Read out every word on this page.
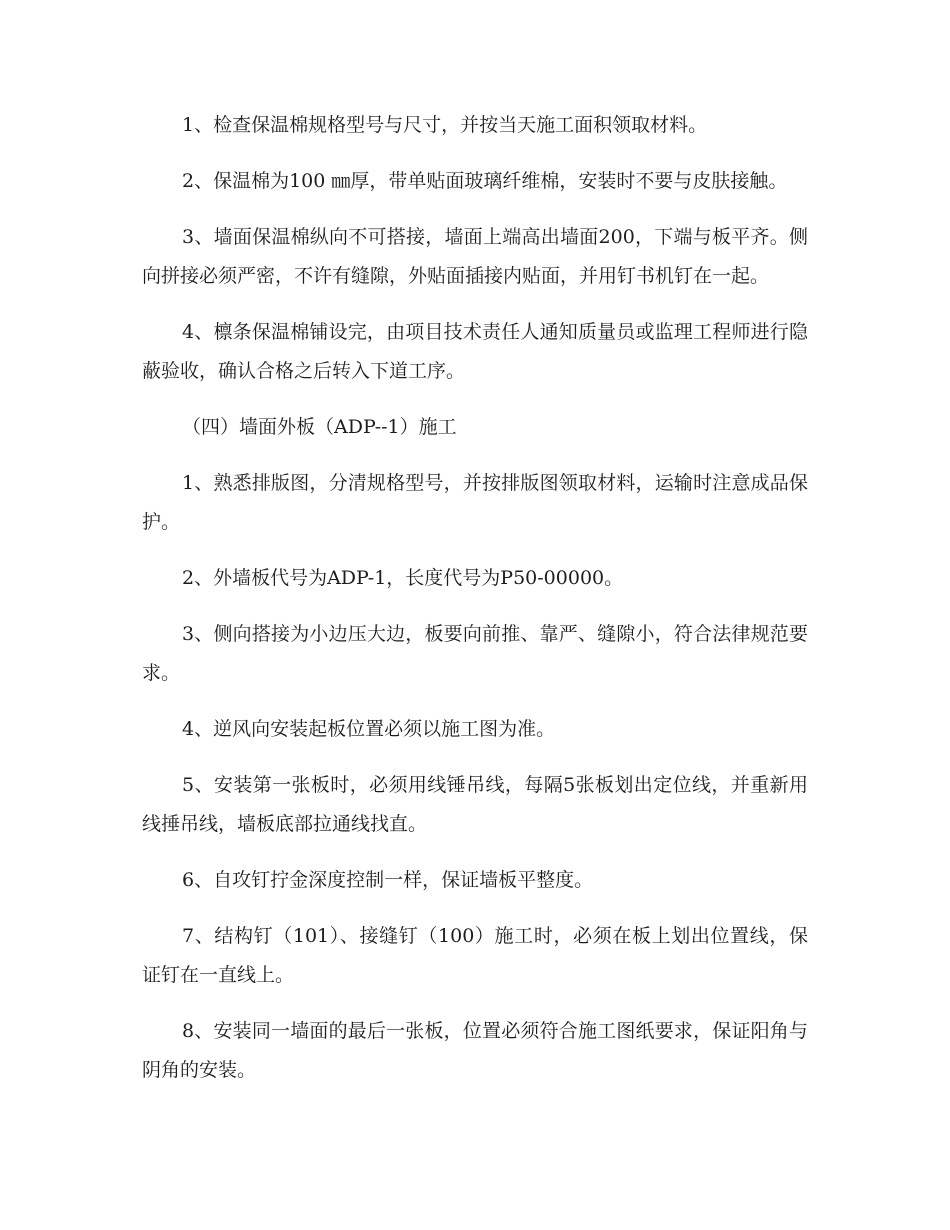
1、检查保温棉规格型号与尺寸，并按当天施工面积领取材料。

2、保温棉为100 ㎜厚，带单贴面玻璃纤维棉，安装时不要与皮肤接触。

3、墙面保温棉纵向不可搭接，墙面上端高出墙面200，下端与板平齐。侧向拼接必须严密，不许有缝隙，外贴面插接内贴面，并用钉书机钉在一起。

4、檩条保温棉铺设完，由项目技术责任人通知质量员或监理工程师进行隐蔽验收，确认合格之后转入下道工序。

（四）墙面外板（ADP--1）施工

1、熟悉排版图，分清规格型号，并按排版图领取材料，运输时注意成品保护。

2、外墙板代号为ADP-1，长度代号为P50-00000。

3、侧向搭接为小边压大边，板要向前推、靠严、缝隙小，符合法律规范要求。

4、逆风向安装起板位置必须以施工图为准。

5、安装第一张板时，必须用线锤吊线，每隔5张板划出定位线，并重新用线捶吊线，墙板底部拉通线找直。

6、自攻钉拧金深度控制一样，保证墙板平整度。

7、结构钉（101）、接缝钉（100）施工时，必须在板上划出位置线，保证钉在一直线上。

8、安装同一墙面的最后一张板，位置必须符合施工图纸要求，保证阳角与阴角的安装。
